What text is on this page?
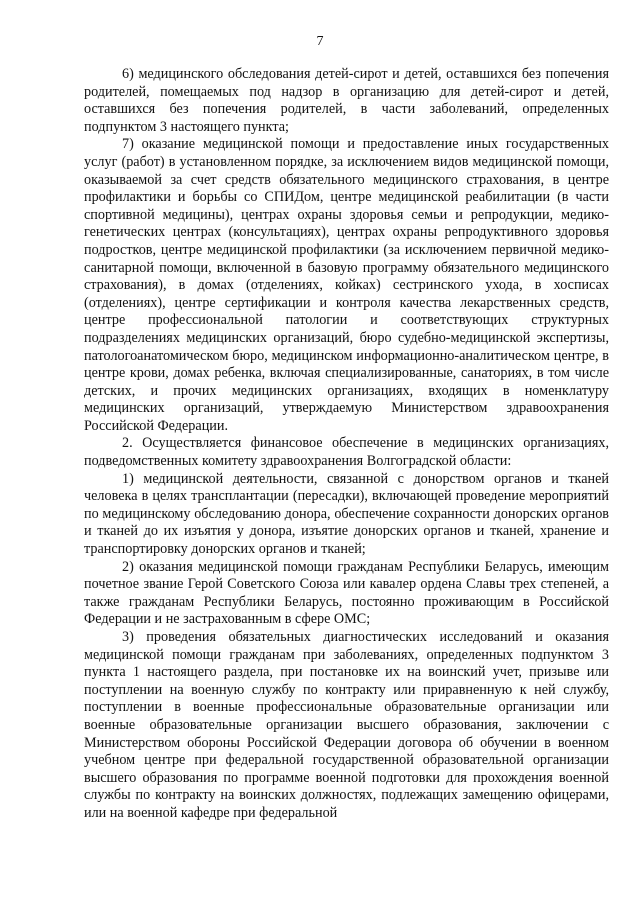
7

6) медицинского обследования детей-сирот и детей, оставшихся без попечения родителей, помещаемых под надзор в организацию для детей-сирот и детей, оставшихся без попечения родителей, в части заболеваний, определенных подпунктом 3 настоящего пункта;

7) оказание медицинской помощи и предоставление иных государственных услуг (работ) в установленном порядке, за исключением видов медицинской помощи, оказываемой за счет средств обязательного медицинского страхования, в центре профилактики и борьбы со СПИДом, центре медицинской реабилитации (в части спортивной медицины), центрах охраны здоровья семьи и репродукции, медико-генетических центрах (консультациях), центрах охраны репродуктивного здоровья подростков, центре медицинской профилактики (за исключением первичной медико-санитарной помощи, включенной в базовую программу обязательного медицинского страхования), в домах (отделениях, койках) сестринского ухода, в хосписах (отделениях), центре сертификации и контроля качества лекарственных средств, центре профессиональной патологии и соответствующих структурных подразделениях медицинских организаций, бюро судебно-медицинской экспертизы, патологоанатомическом бюро, медицинском информационно-аналитическом центре, в центре крови, домах ребенка, включая специализированные, санаториях, в том числе детских, и прочих медицинских организациях, входящих в номенклатуру медицинских организаций, утверждаемую Министерством здравоохранения Российской Федерации.

2. Осуществляется финансовое обеспечение в медицинских организациях, подведомственных комитету здравоохранения Волгоградской области:

1) медицинской деятельности, связанной с донорством органов и тканей человека в целях трансплантации (пересадки), включающей проведение мероприятий по медицинскому обследованию донора, обеспечение сохранности донорских органов и тканей до их изъятия у донора, изъятие донорских органов и тканей, хранение и транспортировку донорских органов и тканей;

2) оказания медицинской помощи гражданам Республики Беларусь, имеющим почетное звание Герой Советского Союза или кавалер ордена Славы трех степеней, а также гражданам Республики Беларусь, постоянно проживающим в Российской Федерации и не застрахованным в сфере ОМС;

3) проведения обязательных диагностических исследований и оказания медицинской помощи гражданам при заболеваниях, определенных подпунктом 3 пункта 1 настоящего раздела, при постановке их на воинский учет, призыве или поступлении на военную службу по контракту или приравненную к ней службу, поступлении в военные профессиональные образовательные организации или военные образовательные организации высшего образования, заключении с Министерством обороны Российской Федерации договора об обучении в военном учебном центре при федеральной государственной образовательной организации высшего образования по программе военной подготовки для прохождения военной службы по контракту на воинских должностях, подлежащих замещению офицерами, или на военной кафедре при федеральной
